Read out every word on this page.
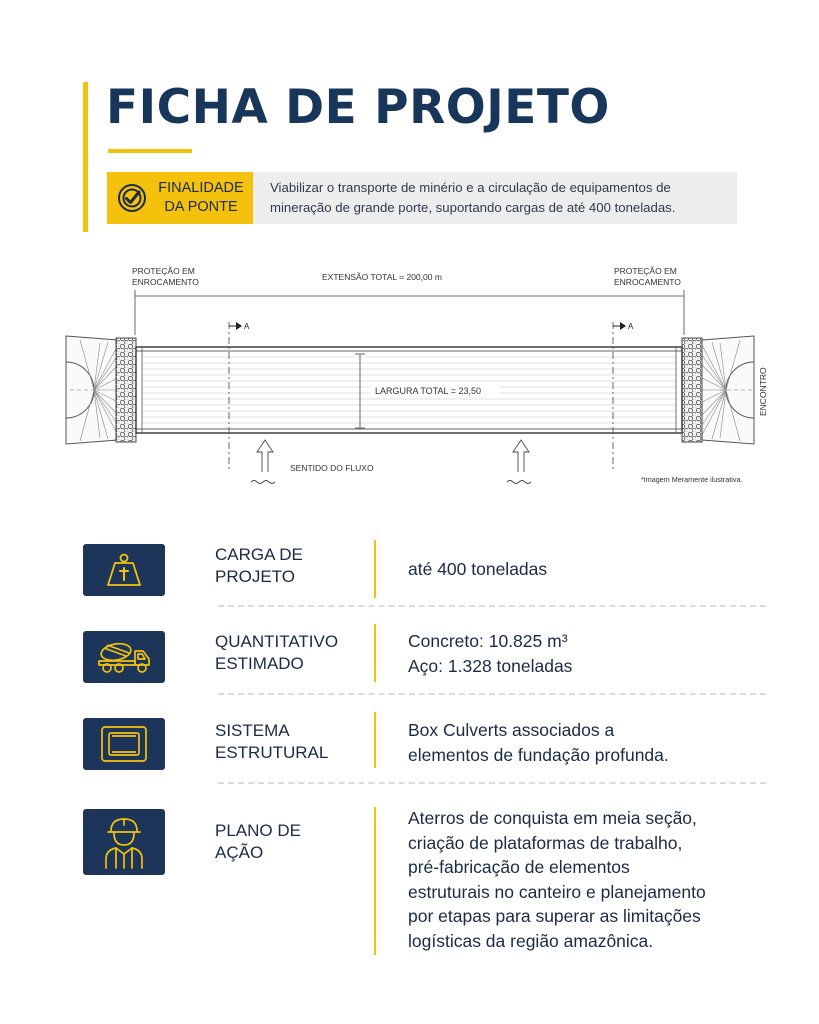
FICHA DE PROJETO
FINALIDADE
DA PONTE
Viabilizar o transporte de minério e a circulação de equipamentos de
mineração de grande porte, suportando cargas de até 400 toneladas.
PROTEÇÃO EM
ENROCAMENTO
PROTEÇÃO EM
ENROCAMENTO
EXTENSÃO TOTAL = 200,00 m
LARGURA TOTAL = 23,50
A	A
SENTIDO DO FLUXO
ENCONTRO
*Imagem Meramente ilustrativa.
CARGA DE
PROJETO	até 400 toneladas
QUANTITATIVO
ESTIMADO
Concreto: 10.825 m³
Aço: 1.328 toneladas
SISTEMA
ESTRUTURAL
Box Culverts associados a
elementos de fundação profunda.
PLANO DE
AÇÃO
Aterros de conquista em meia seção,
criação de plataformas de trabalho,
pré-fabricação de elementos
estruturais no canteiro e planejamento
por etapas para superar as limitações
logísticas da região amazônica.
